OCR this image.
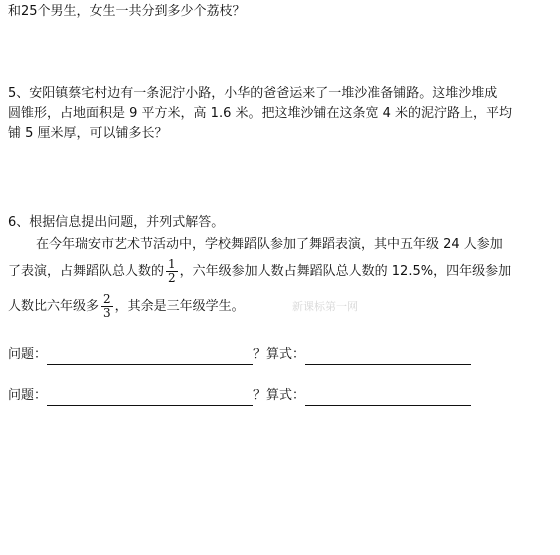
和25个男生，女生一共分到多少个荔枝？
5、安阳镇蔡宅村边有一条泥泞小路，小华的爸爸运来了一堆沙准备铺路。这堆沙堆成
圆锥形，占地面积是 9 平方米，高 1.6 米。把这堆沙铺在这条宽 4 米的泥泞路上，平均
铺 5 厘米厚，可以铺多长？
6、根据信息提出问题，并列式解答。
在今年瑞安市艺术节活动中，学校舞蹈队参加了舞蹈表演，其中五年级 24 人参加
了表演，占舞蹈队总人数的 $\frac{1}{2}$ ，六年级参加人数占舞蹈队总人数的 12.5%，四年级参加
人数比六年级多 $\frac{2}{3}$ ，其余是三年级学生。	新课标第一网
问题：	？算式：
问题：	？算式：
